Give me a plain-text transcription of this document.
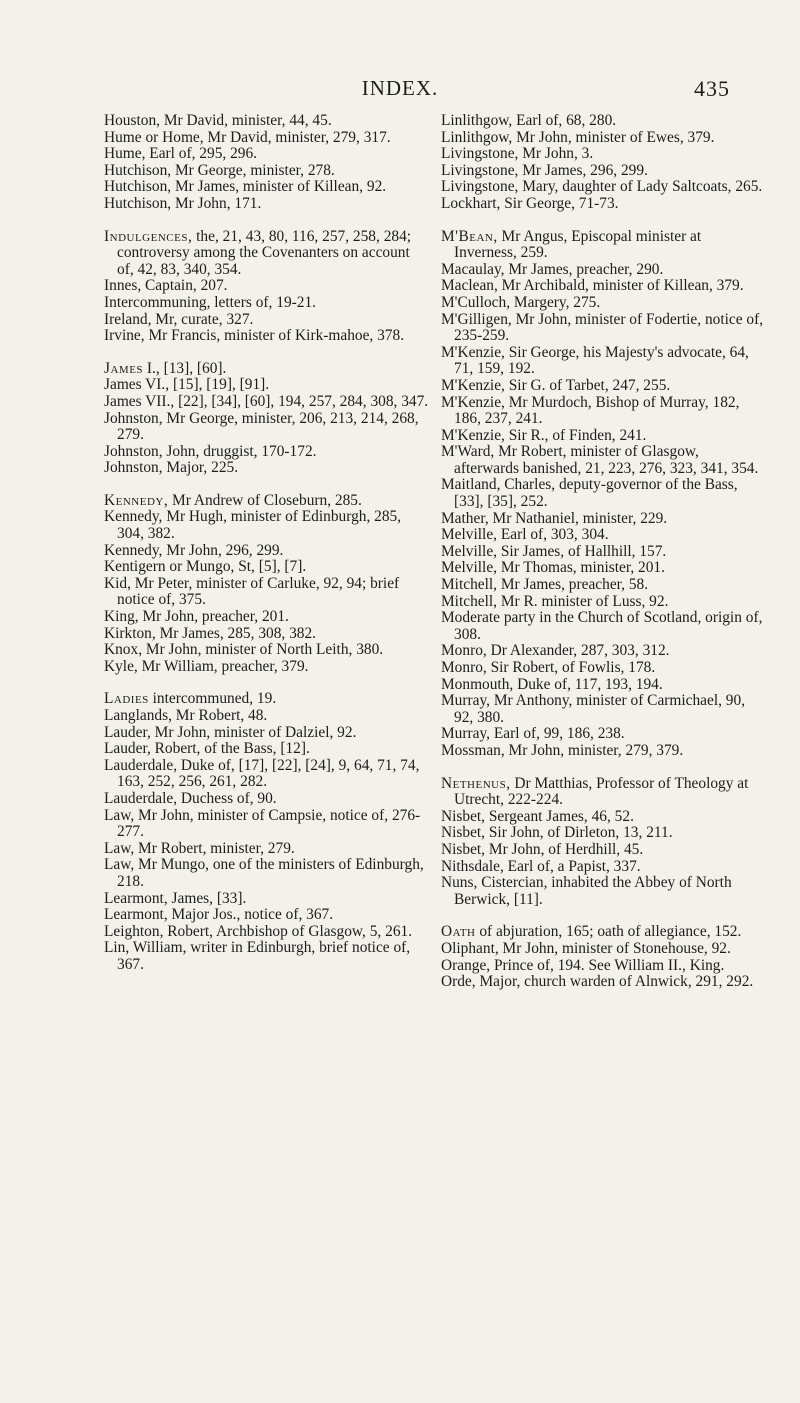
INDEX.	435

Houston, Mr David, minister, 44, 45.

Hume or Home, Mr David, minister, 279, 317.

Hume, Earl of, 295, 296.

Hutchison, Mr George, minister, 278.

Hutchison, Mr James, minister of Killean, 92.

Hutchison, Mr John, 171.

Indulgences, the, 21, 43, 80, 116, 257, 258, 284; controversy among the Covenanters on account of, 42, 83, 340, 354.

Innes, Captain, 207.

Intercommuning, letters of, 19-21.

Ireland, Mr, curate, 327.

Irvine, Mr Francis, minister of Kirk-mahoe, 378.

James I., [13], [60].

James VI., [15], [19], [91].

James VII., [22], [34], [60], 194, 257, 284, 308, 347.

Johnston, Mr George, minister, 206, 213, 214, 268, 279.

Johnston, John, druggist, 170-172.

Johnston, Major, 225.

Kennedy, Mr Andrew of Closeburn, 285.

Kennedy, Mr Hugh, minister of Edinburgh, 285, 304, 382.

Kennedy, Mr John, 296, 299.

Kentigern or Mungo, St, [5], [7].

Kid, Mr Peter, minister of Carluke, 92, 94; brief notice of, 375.

King, Mr John, preacher, 201.

Kirkton, Mr James, 285, 308, 382.

Knox, Mr John, minister of North Leith, 380.

Kyle, Mr William, preacher, 379.

Ladies intercommuned, 19.

Langlands, Mr Robert, 48.

Lauder, Mr John, minister of Dalziel, 92.

Lauder, Robert, of the Bass, [12].

Lauderdale, Duke of, [17], [22], [24], 9, 64, 71, 74, 163, 252, 256, 261, 282.

Lauderdale, Duchess of, 90.

Law, Mr John, minister of Campsie, notice of, 276-277.

Law, Mr Robert, minister, 279.

Law, Mr Mungo, one of the ministers of Edinburgh, 218.

Learmont, James, [33].

Learmont, Major Jos., notice of, 367.

Leighton, Robert, Archbishop of Glasgow, 5, 261.

Lin, William, writer in Edinburgh, brief notice of, 367.

Linlithgow, Earl of, 68, 280.

Linlithgow, Mr John, minister of Ewes, 379.

Livingstone, Mr John, 3.

Livingstone, Mr James, 296, 299.

Livingstone, Mary, daughter of Lady Saltcoats, 265.

Lockhart, Sir George, 71-73.

M'Bean, Mr Angus, Episcopal minister at Inverness, 259.

Macaulay, Mr James, preacher, 290.

Maclean, Mr Archibald, minister of Killean, 379.

M'Culloch, Margery, 275.

M'Gilligen, Mr John, minister of Fodertie, notice of, 235-259.

M'Kenzie, Sir George, his Majesty's advocate, 64, 71, 159, 192.

M'Kenzie, Sir G. of Tarbet, 247, 255.

M'Kenzie, Mr Murdoch, Bishop of Murray, 182, 186, 237, 241.

M'Kenzie, Sir R., of Finden, 241.

M'Ward, Mr Robert, minister of Glasgow, afterwards banished, 21, 223, 276, 323, 341, 354.

Maitland, Charles, deputy-governor of the Bass, [33], [35], 252.

Mather, Mr Nathaniel, minister, 229.

Melville, Earl of, 303, 304.

Melville, Sir James, of Hallhill, 157.

Melville, Mr Thomas, minister, 201.

Mitchell, Mr James, preacher, 58.

Mitchell, Mr R. minister of Luss, 92.

Moderate party in the Church of Scotland, origin of, 308.

Monro, Dr Alexander, 287, 303, 312.

Monro, Sir Robert, of Fowlis, 178.

Monmouth, Duke of, 117, 193, 194.

Murray, Mr Anthony, minister of Carmichael, 90, 92, 380.

Murray, Earl of, 99, 186, 238.

Mossman, Mr John, minister, 279, 379.

Nethenus, Dr Matthias, Professor of Theology at Utrecht, 222-224.

Nisbet, Sergeant James, 46, 52.

Nisbet, Sir John, of Dirleton, 13, 211.

Nisbet, Mr John, of Herdhill, 45.

Nithsdale, Earl of, a Papist, 337.

Nuns, Cistercian, inhabited the Abbey of North Berwick, [11].

Oath of abjuration, 165; oath of allegiance, 152.

Oliphant, Mr John, minister of Stonehouse, 92.

Orange, Prince of, 194. See William II., King.

Orde, Major, church warden of Alnwick, 291, 292.
